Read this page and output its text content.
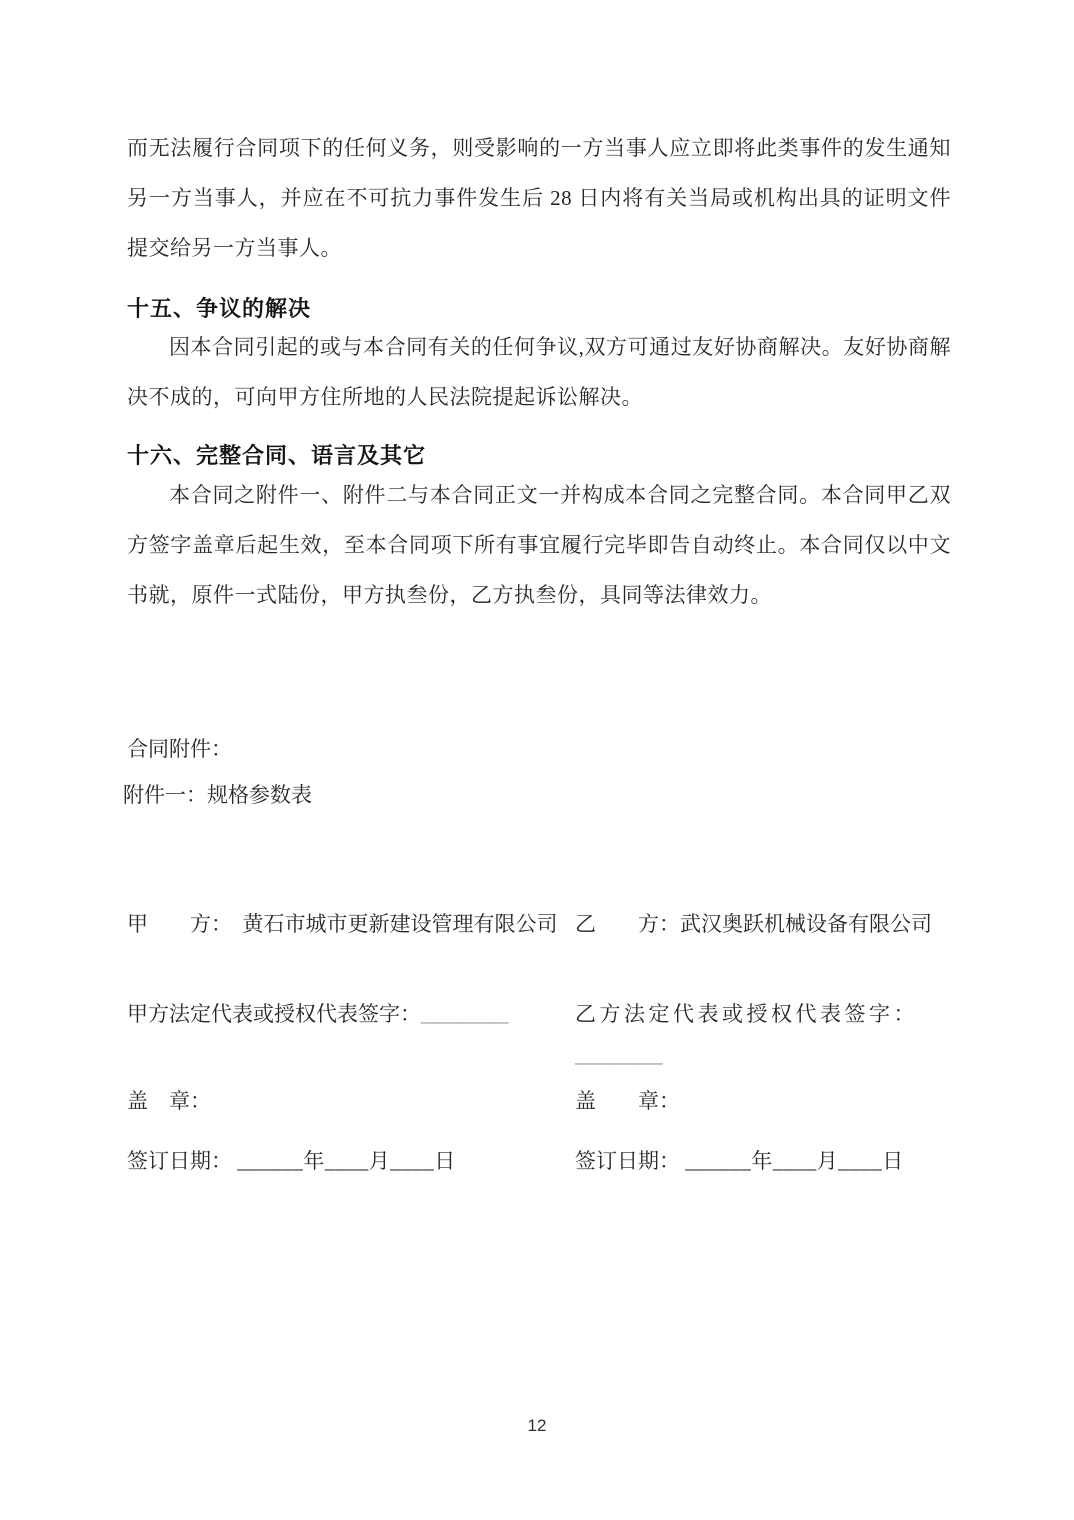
而无法履行合同项下的任何义务，则受影响的一方当事人应立即将此类事件的发生通知另一方当事人，并应在不可抗力事件发生后 28 日内将有关当局或机构出具的证明文件提交给另一方当事人。
十五、争议的解决
因本合同引起的或与本合同有关的任何争议,双方可通过友好协商解决。友好协商解决不成的，可向甲方住所地的人民法院提起诉讼解决。
十六、完整合同、语言及其它
本合同之附件一、附件二与本合同正文一并构成本合同之完整合同。本合同甲乙双方签字盖章后起生效，至本合同项下所有事宜履行完毕即告自动终止。本合同仅以中文书就，原件一式陆份，甲方执叁份，乙方执叁份，具同等法律效力。
合同附件：
附件一：规格参数表
甲　　方：　黄石市城市更新建设管理有限公司 乙　　方：武汉奥跃机械设备有限公司
甲方法定代表或授权代表签字：________	乙方法定代表或授权代表签字：
________
盖　章：	盖　　章：
签订日期： ______年____月____日	签订日期： ______年____月____日
12
